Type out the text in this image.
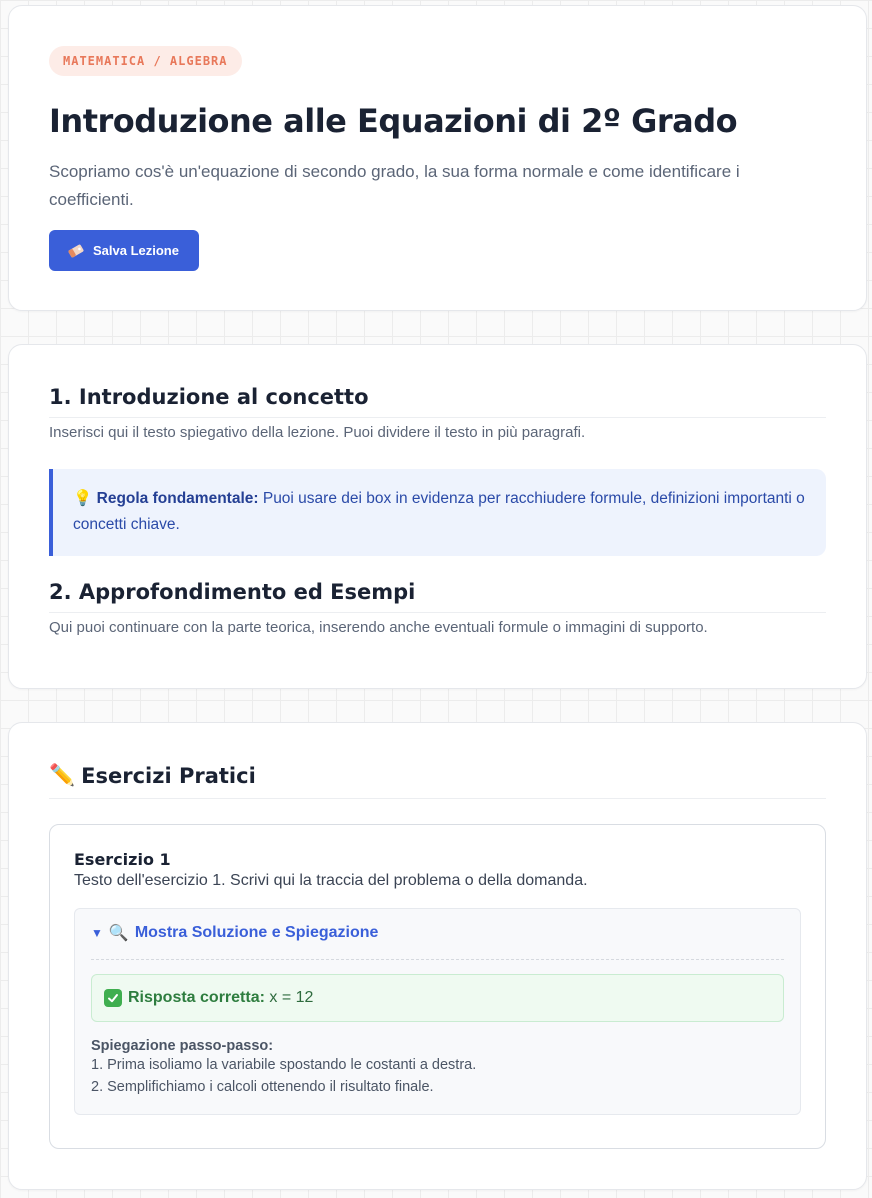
MATEMATICA / ALGEBRA
Introduzione alle Equazioni di 2º Grado

Scopriamo cos'è un'equazione di secondo grado, la sua forma normale e come identificare i coefficienti.

Salva Lezione
1. Introduzione al concetto

Inserisci qui il testo spiegativo della lezione. Puoi dividere il testo in più paragrafi.

💡 Regola fondamentale: Puoi usare dei box in evidenza per racchiudere formule, definizioni importanti o concetti chiave.
2. Approfondimento ed Esempi

Qui puoi continuare con la parte teorica, inserendo anche eventuali formule o immagini di supporto.

✏️ Esercizi Pratici
Esercizio 1
Testo dell'esercizio 1. Scrivi qui la traccia del problema o della domanda.
▼ 🔍 Mostra Soluzione e Spiegazione
Risposta corretta: x = 12
Spiegazione passo-passo:
1. Prima isoliamo la variabile spostando le costanti a destra.
2. Semplifichiamo i calcoli ottenendo il risultato finale.
